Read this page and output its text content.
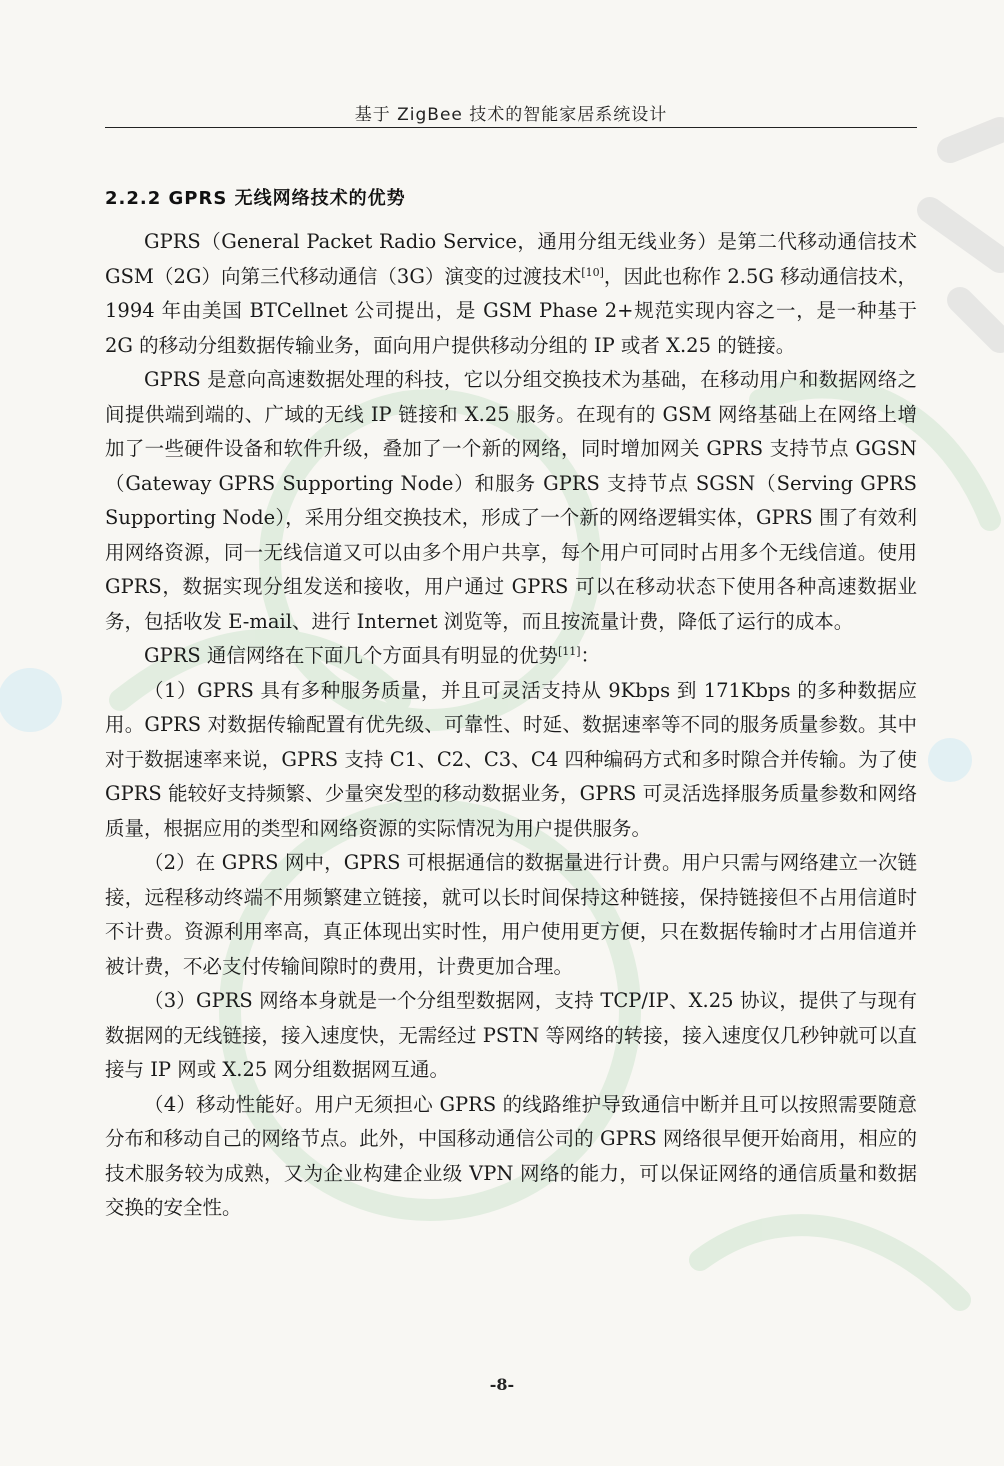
基于 ZigBee 技术的智能家居系统设计
2.2.2 GPRS 无线网络技术的优势

GPRS（General Packet Radio Service，通用分组无线业务）是第二代移动通信技术 GSM（2G）向第三代移动通信（3G）演变的过渡技术[10]，因此也称作 2.5G 移动通信技术，1994 年由美国 BTCellnet 公司提出，是 GSM Phase 2+规范实现内容之一，是一种基于 2G 的移动分组数据传输业务，面向用户提供移动分组的 IP 或者 X.25 的链接。

GPRS 是意向高速数据处理的科技，它以分组交换技术为基础，在移动用户和数据网络之间提供端到端的、广域的无线 IP 链接和 X.25 服务。在现有的 GSM 网络基础上在网络上增加了一些硬件设备和软件升级，叠加了一个新的网络，同时增加网关 GPRS 支持节点 GGSN（Gateway GPRS Supporting Node）和服务 GPRS 支持节点 SGSN（Serving GPRS Supporting Node），采用分组交换技术，形成了一个新的网络逻辑实体，GPRS 围了有效利用网络资源，同一无线信道又可以由多个用户共享，每个用户可同时占用多个无线信道。使用 GPRS，数据实现分组发送和接收，用户通过 GPRS 可以在移动状态下使用各种高速数据业务，包括收发 E-mail、进行 Internet 浏览等，而且按流量计费，降低了运行的成本。

GPRS 通信网络在下面几个方面具有明显的优势[11]：

（1）GPRS 具有多种服务质量，并且可灵活支持从 9Kbps 到 171Kbps 的多种数据应用。GPRS 对数据传输配置有优先级、可靠性、时延、数据速率等不同的服务质量参数。其中对于数据速率来说，GPRS 支持 C1、C2、C3、C4 四种编码方式和多时隙合并传输。为了使 GPRS 能较好支持频繁、少量突发型的移动数据业务，GPRS 可灵活选择服务质量参数和网络质量，根据应用的类型和网络资源的实际情况为用户提供服务。

（2）在 GPRS 网中，GPRS 可根据通信的数据量进行计费。用户只需与网络建立一次链接，远程移动终端不用频繁建立链接，就可以长时间保持这种链接，保持链接但不占用信道时不计费。资源利用率高，真正体现出实时性，用户使用更方便，只在数据传输时才占用信道并被计费，不必支付传输间隙时的费用，计费更加合理。

（3）GPRS 网络本身就是一个分组型数据网，支持 TCP/IP、X.25 协议，提供了与现有数据网的无线链接，接入速度快，无需经过 PSTN 等网络的转接，接入速度仅几秒钟就可以直接与 IP 网或 X.25 网分组数据网互通。

（4）移动性能好。用户无须担心 GPRS 的线路维护导致通信中断并且可以按照需要随意分布和移动自己的网络节点。此外，中国移动通信公司的 GPRS 网络很早便开始商用，相应的技术服务较为成熟，又为企业构建企业级 VPN 网络的能力，可以保证网络的通信质量和数据交换的安全性。

-8-
